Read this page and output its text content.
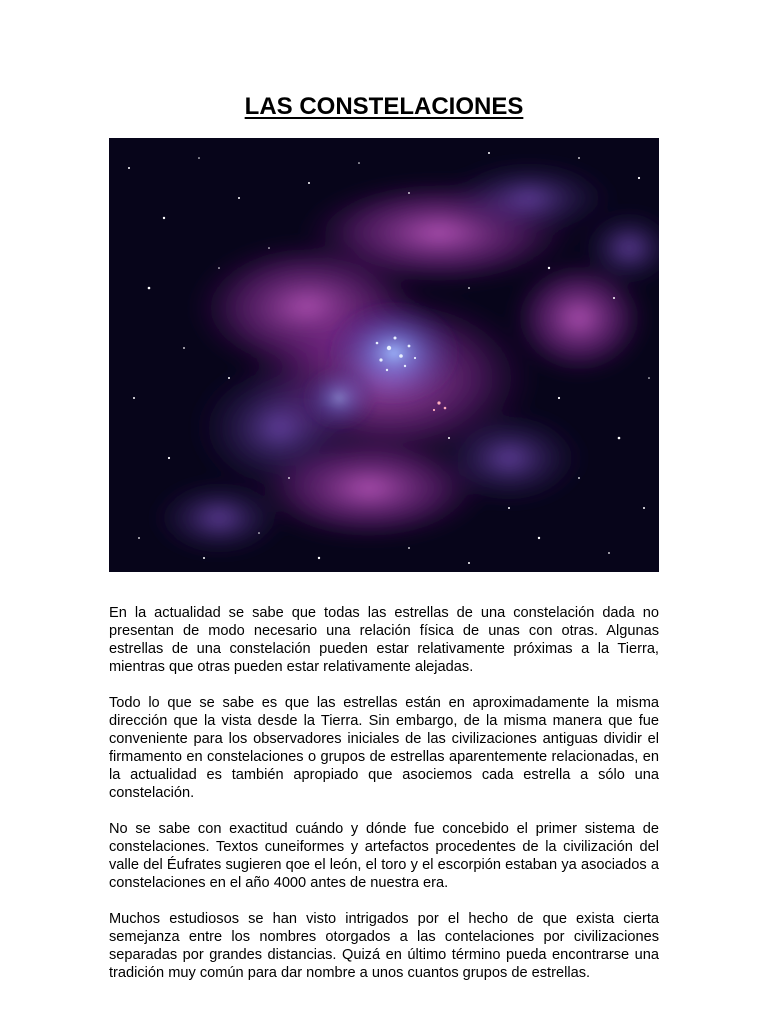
LAS CONSTELACIONES

En la actualidad se sabe que todas las estrellas de una constelación dada no presentan de modo necesario una relación física de unas con otras. Algunas estrellas de una constelación pueden estar relativamente próximas a la Tierra, mientras que otras pueden estar relativamente alejadas.

Todo lo que se sabe es que las estrellas están en aproximadamente la misma dirección que la vista desde la Tierra. Sin embargo, de la misma manera que fue conveniente para los observadores iniciales de las civilizaciones antiguas dividir el firmamento en constelaciones o grupos de estrellas aparentemente relacionadas, en la actualidad es también apropiado que asociemos cada estrella a sólo una constelación.

No se sabe con exactitud cuándo y dónde fue concebido el primer sistema de constelaciones. Textos cuneiformes y artefactos procedentes de la civilización del valle del Éufrates sugieren qoe el león, el toro y el escorpión estaban ya asociados a constelaciones en el año 4000 antes de nuestra era.

Muchos estudiosos se han visto intrigados por el hecho de que exista cierta semejanza entre los nombres otorgados a las contelaciones por civilizaciones separadas por grandes distancias. Quizá en último término pueda encontrarse una tradición muy común para dar nombre a unos cuantos grupos de estrellas.
